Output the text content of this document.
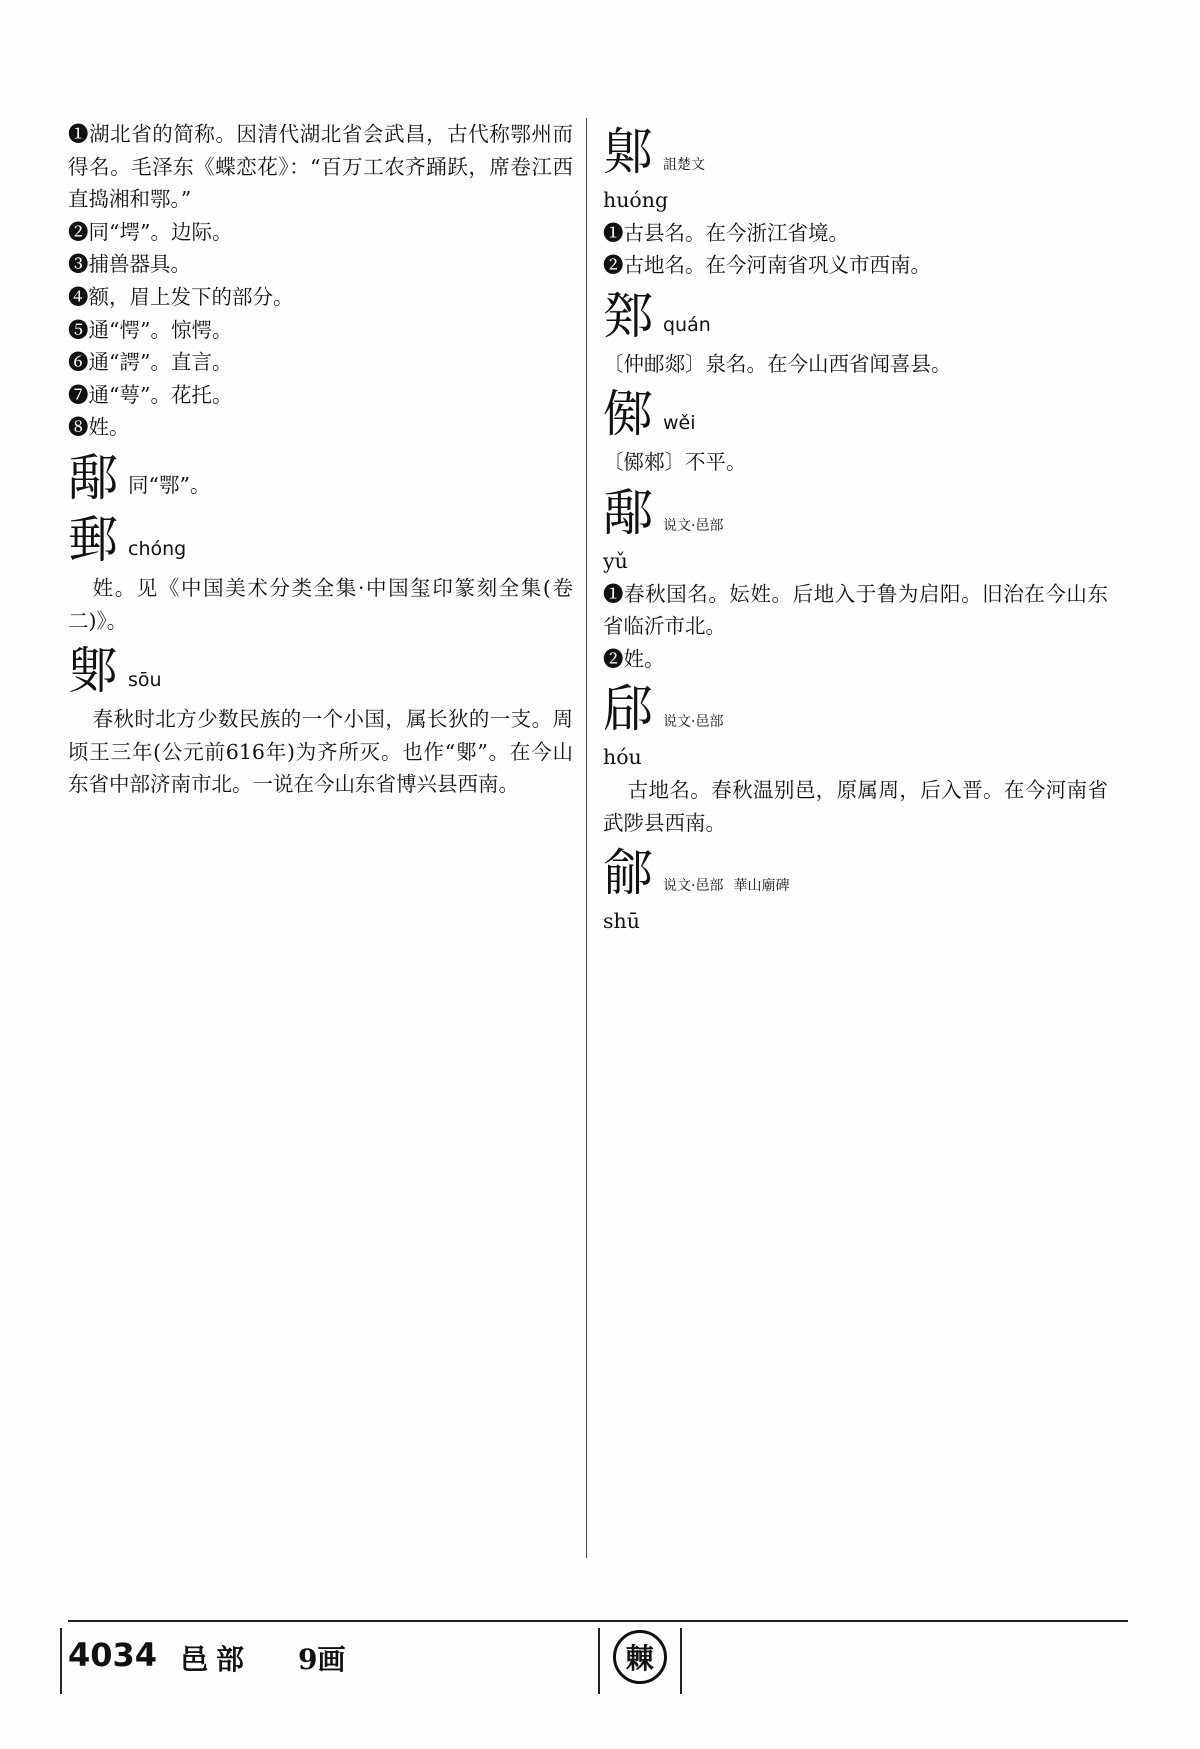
❶湖北省的简称。因清代湖北省会武昌，古代称鄂州而得名。毛泽东《蝶恋花》：“百万工农齐踊跃，席卷江西直捣湘和鄂。”

❷同“堮”。边际。

❸捕兽器具。

❹额，眉上发下的部分。

❺通“愕”。惊愕。

❻通“諤”。直言。

❼通“萼”。花托。

❽姓。

鄅 同“鄂”。
郵 chóng

姓。见《中国美术分类全集·中国玺印篆刻全集(卷二)》。

鄋 sōu

春秋时北方少数民族的一个小国，属长狄的一支。周顷王三年(公元前616年)为齐所灭。也作“鄋”。在今山东省中部济南市北。一说在今山东省博兴县西南。

鄓 詛楚文

huóng

❶古县名。在今浙江省境。

❷古地名。在今河南省巩义市西南。

鄈 quán

〔仲邮郯〕泉名。在今山西省闻喜县。

鄇 wěi

〔鄇郲〕不平。

鄅 说文·邑部

yǔ

❶春秋国名。妘姓。后地入于鲁为启阳。旧治在今山东省临沂市北。

❷姓。

郈 说文·邑部

hóu

古地名。春秋温别邑，原属周，后入晋。在今河南省武陟县西南。

鄃 说文·邑部 華山廟碑

shū

4034 邑部 9画	㯥
